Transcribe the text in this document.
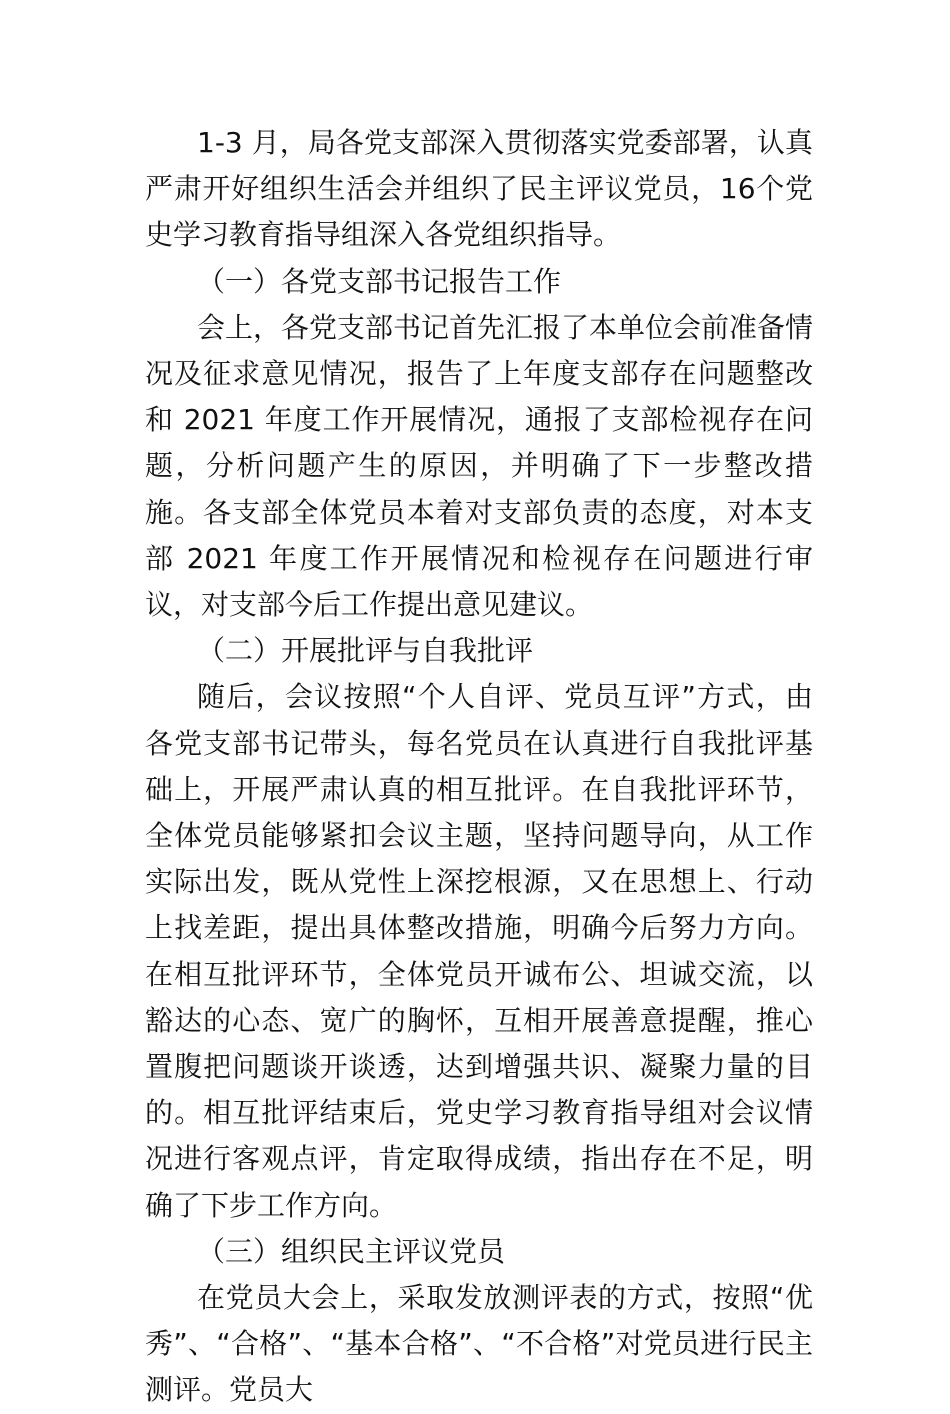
1-3 月，局各党支部深入贯彻落实党委部署，认真严肃开好组织生活会并组织了民主评议党员，16个党史学习教育指导组深入各党组织指导。

（一）各党支部书记报告工作

会上，各党支部书记首先汇报了本单位会前准备情况及征求意见情况，报告了上年度支部存在问题整改和 2021 年度工作开展情况，通报了支部检视存在问题，分析问题产生的原因，并明确了下一步整改措施。各支部全体党员本着对支部负责的态度，对本支部 2021 年度工作开展情况和检视存在问题进行审议，对支部今后工作提出意见建议。

（二）开展批评与自我批评

随后，会议按照“个人自评、党员互评”方式，由各党支部书记带头，每名党员在认真进行自我批评基础上，开展严肃认真的相互批评。在自我批评环节，全体党员能够紧扣会议主题，坚持问题导向，从工作实际出发，既从党性上深挖根源，又在思想上、行动上找差距，提出具体整改措施，明确今后努力方向。在相互批评环节，全体党员开诚布公、坦诚交流，以豁达的心态、宽广的胸怀，互相开展善意提醒，推心置腹把问题谈开谈透，达到增强共识、凝聚力量的目的。相互批评结束后，党史学习教育指导组对会议情况进行客观点评，肯定取得成绩，指出存在不足，明确了下步工作方向。

（三）组织民主评议党员

在党员大会上，采取发放测评表的方式，按照“优秀”、“合格”、“基本合格”、“不合格”对党员进行民主测评。党员大
